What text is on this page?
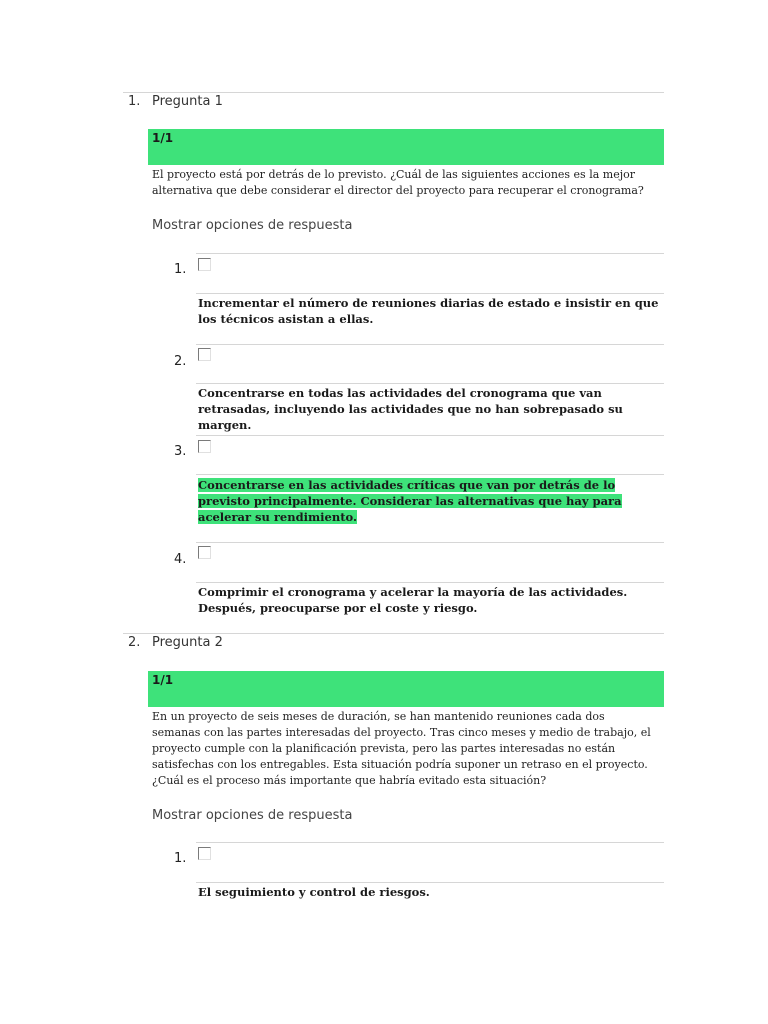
1. Pregunta 1
1/1
El proyecto está por detrás de lo previsto. ¿Cuál de las siguientes acciones es la mejor alternativa que debe considerar el director del proyecto para recuperar el cronograma?
Mostrar opciones de respuesta
1.
Incrementar el número de reuniones diarias de estado e insistir en que los técnicos asistan a ellas.
2.
Concentrarse en todas las actividades del cronograma que van retrasadas, incluyendo las actividades que no han sobrepasado su margen.
3.
Concentrarse en las actividades críticas que van por detrás de lo previsto principalmente. Considerar las alternativas que hay para acelerar su rendimiento.
4.
Comprimir el cronograma y acelerar la mayoría de las actividades. Después, preocuparse por el coste y riesgo.
2. Pregunta 2
1/1
En un proyecto de seis meses de duración, se han mantenido reuniones cada dos semanas con las partes interesadas del proyecto. Tras cinco meses y medio de trabajo, el proyecto cumple con la planificación prevista, pero las partes interesadas no están satisfechas con los entregables. Esta situación podría suponer un retraso en el proyecto. ¿Cuál es el proceso más importante que habría evitado esta situación?
Mostrar opciones de respuesta
1.
El seguimiento y control de riesgos.
